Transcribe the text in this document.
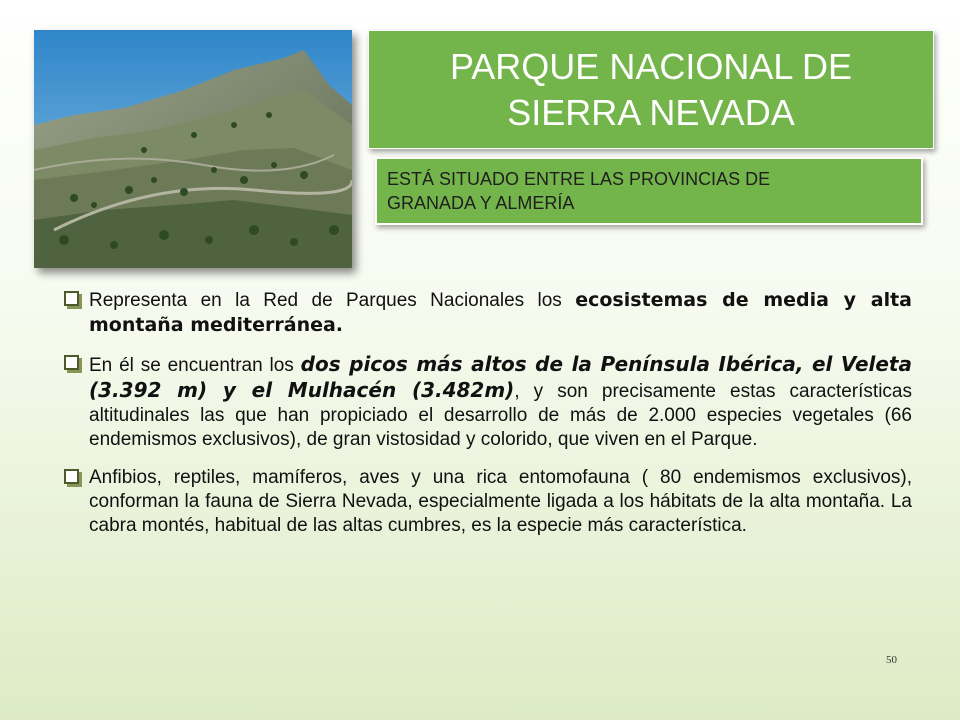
PARQUE NACIONAL DE
SIERRA NEVADA
ESTÁ SITUADO ENTRE LAS PROVINCIAS DE
GRANADA Y ALMERÍA
Representa en la Red de Parques Nacionales los ecosistemas de media y alta montaña mediterránea.
En él se encuentran los dos picos más altos de la Península Ibérica, el Veleta (3.392 m) y el Mulhacén (3.482m), y son precisamente estas características altitudinales las que han propiciado el desarrollo de más de 2.000 especies vegetales (66 endemismos exclusivos), de gran vistosidad y colorido, que viven en el Parque.
Anfibios, reptiles, mamíferos, aves y una rica entomofauna ( 80 endemismos exclusivos), conforman la fauna de Sierra Nevada, especialmente ligada a los hábitats de la alta montaña. La cabra montés, habitual de las altas cumbres, es la especie más característica.
50
